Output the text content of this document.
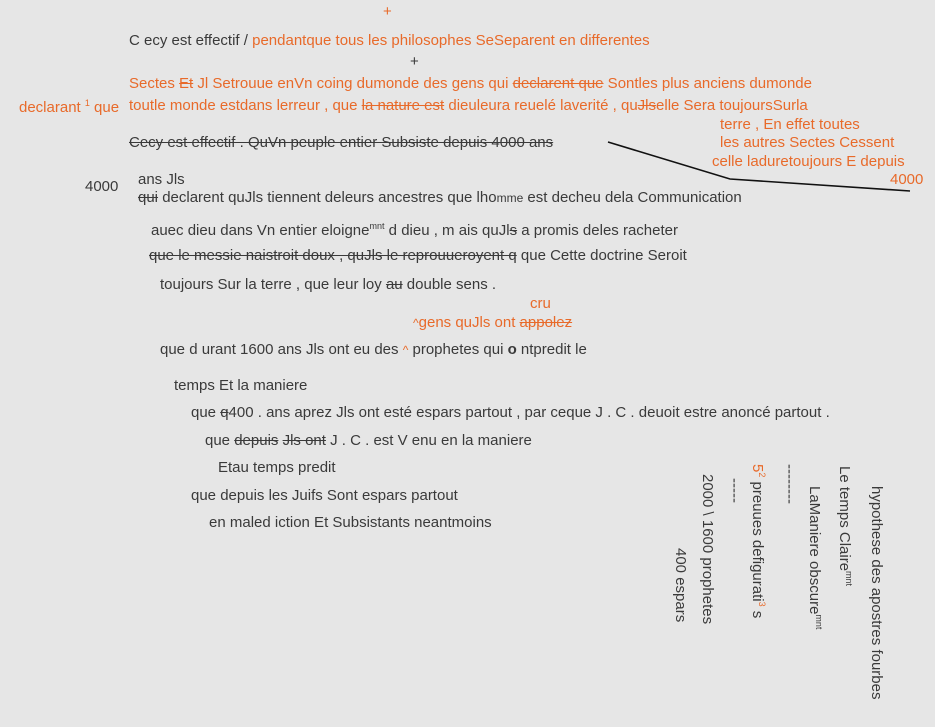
+
C ecy est effectif / pendantque tous les philosophes SeSeparent en differentes
+
Sectes Et Jl Setrouue enVn coing dumonde des gens qui declarent que Sontles plus anciens dumonde
declarant $^1$ que toutle monde estdans lerreur , que la nature est dieuleura reuelé laverité , quJlselle Sera toujoursSurla
terre , En effet toutes
les autres Sectes Cessent
celle laduretoujours E depuis
4000
Cecy est effectif . QuVn peuple entier Subsiste depuis 4000 ans
4000 ans Jls
qui declarent quJls tiennent deleurs ancestres que lhomme est decheu dela Communication
auec dieu dans Vn entier eloigne$^{mnt}$ d dieu , m ais quJls a promis deles racheter
que le messie naistroit doux , quJls le reprouueroyent q que Cette doctrine Seroit
toujours Sur la terre , que leur loy au double sens .
cru
^gens quJls ont appolez
que d urant 1600 ans Jls ont eu des ^ prophetes qui o ntpredit le
temps Et la maniere
que q400 . ans aprez Jls ont esté espars partout , par ceque J . C . deuoit estre anoncé partout .
que depuis Jls ont J . C . est V enu en la maniere
Etau temps predit
que depuis les Juifs Sont espars partout
en maled iction Et Subsistants neantmoins	hypothese des apostres fourbes
Le temps Claire$^{mnt}$
LaManiere obscure$^{mnt}$
--------
$5^2$ preuues defigurati$^3$ s
-----
2000 \ 1600 prophetes
400 espars
